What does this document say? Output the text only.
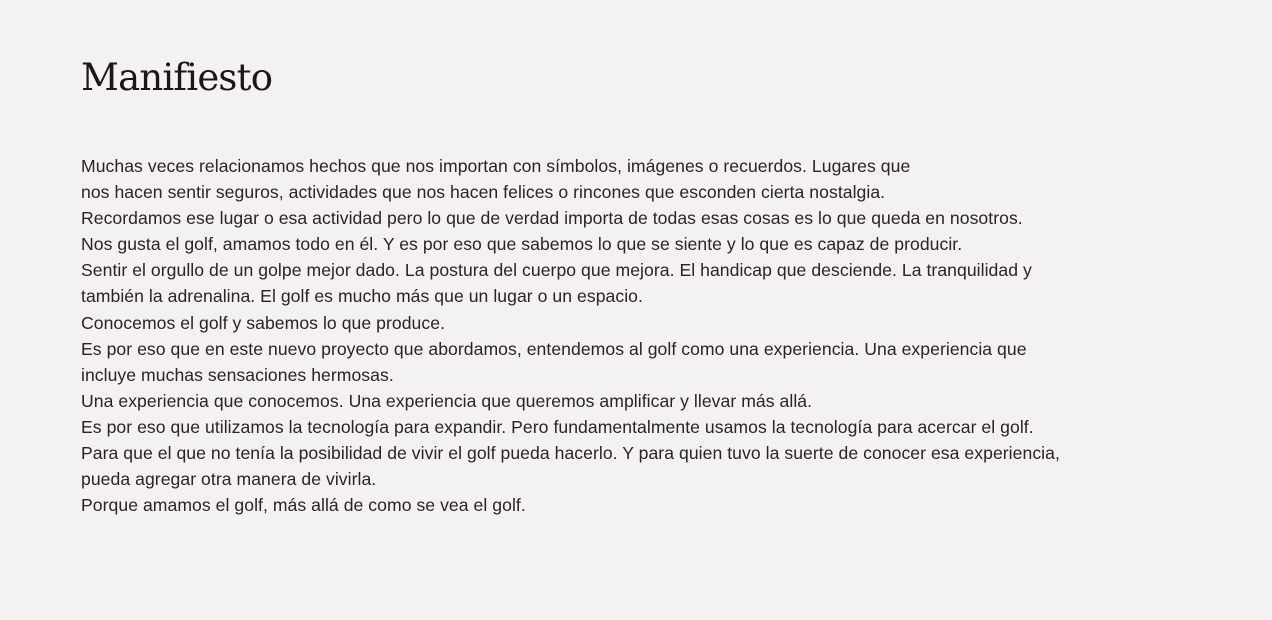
Manifiesto
Muchas veces relacionamos hechos que nos importan con símbolos, imágenes o recuerdos. Lugares que
nos hacen sentir seguros, actividades que nos hacen felices o rincones que esconden cierta nostalgia.
Recordamos ese lugar o esa actividad pero lo que de verdad importa de todas esas cosas es lo que queda en nosotros.
Nos gusta el golf, amamos todo en él. Y es por eso que sabemos lo que se siente y lo que es capaz de producir.
Sentir el orgullo de un golpe mejor dado. La postura del cuerpo que mejora. El handicap que desciende. La tranquilidad y
también la adrenalina. El golf es mucho más que un lugar o un espacio.
Conocemos el golf y sabemos lo que produce.
Es por eso que en este nuevo proyecto que abordamos, entendemos al golf como una experiencia. Una experiencia que
incluye muchas sensaciones hermosas.
Una experiencia que conocemos. Una experiencia que queremos amplificar y llevar más allá.
Es por eso que utilizamos la tecnología para expandir. Pero fundamentalmente usamos la tecnología para acercar el golf.
Para que el que no tenía la posibilidad de vivir el golf pueda hacerlo. Y para quien tuvo la suerte de conocer esa experiencia,
pueda agregar otra manera de vivirla.
Porque amamos el golf, más allá de como se vea el golf.
